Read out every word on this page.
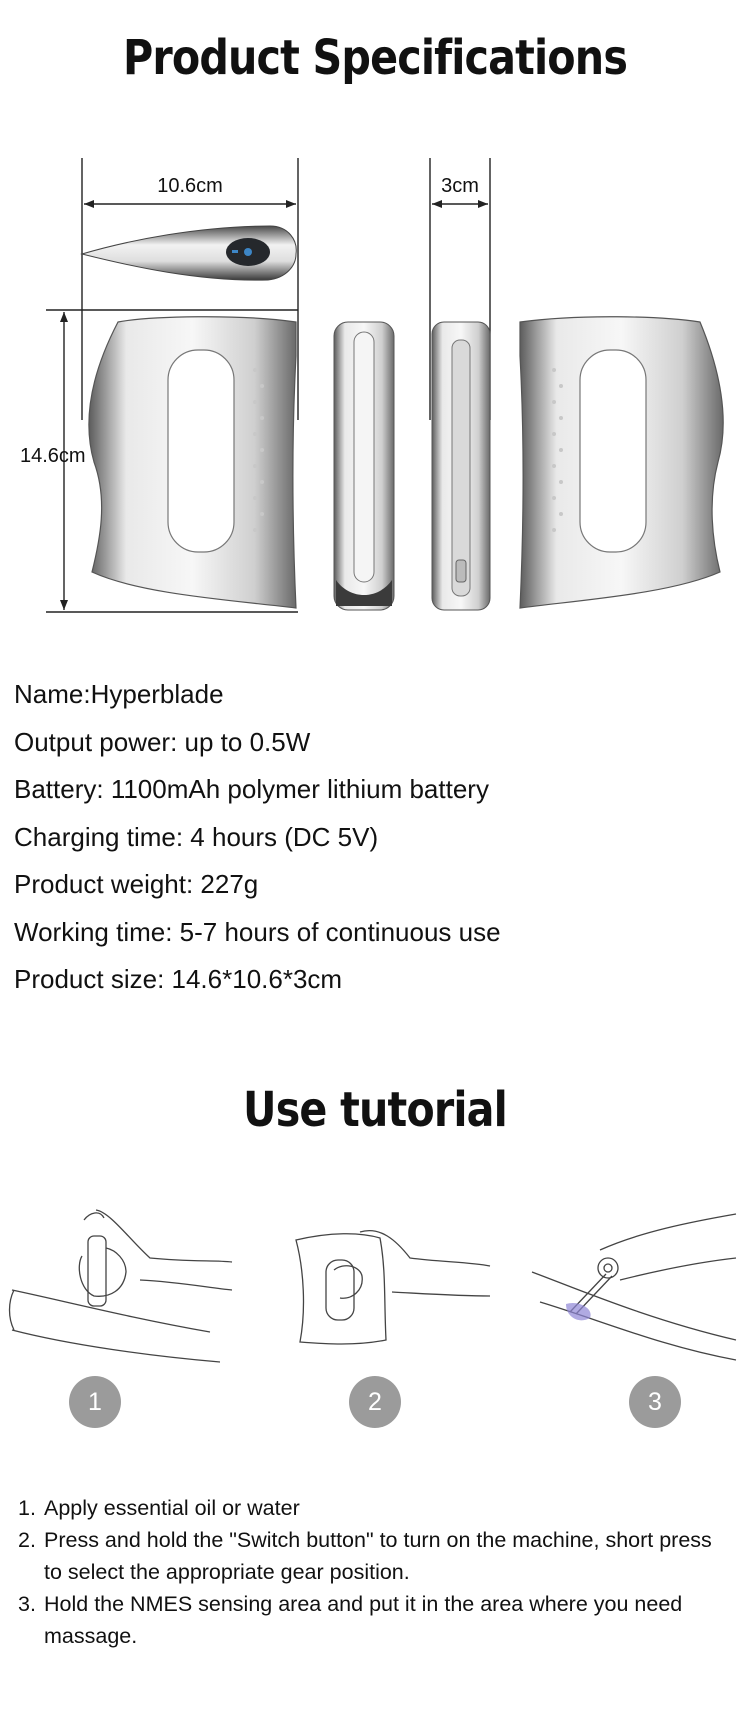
Product Specifications
10.6cm	3cm
14.6cm
Name:Hyperblade
Output power: up to 0.5W
Battery: 1100mAh polymer lithium battery
Charging time: 4 hours (DC 5V)
Product weight: 227g
Working time: 5-7 hours of continuous use
Product size: 14.6*10.6*3cm
Use tutorial
1	2	3
1. Apply essential oil or water
2. Press and hold the "Switch button" to turn on the machine, short press to select the appropriate gear position.
3. Hold the NMES sensing area and put it in the area where you need massage.
